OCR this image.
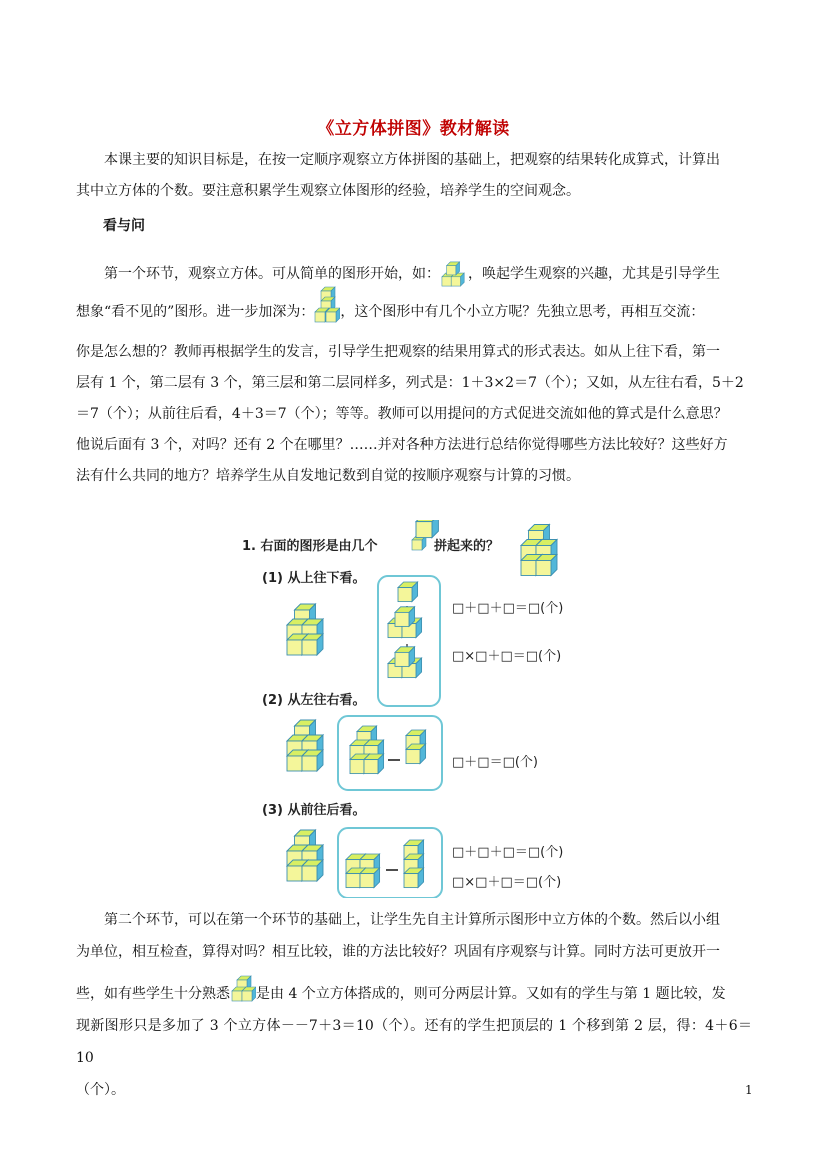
《立方体拼图》教材解读

本课主要的知识目标是，在按一定顺序观察立方体拼图的基础上，把观察的结果转化成算式，计算出
其中立方体的个数。要注意积累学生观察立体图形的经验，培养学生的空间观念。

看与问

第一个环节，观察立方体。可从简单的图形开始，如： ，唤起学生观察的兴趣，尤其是引导学生
想象“看不见的”图形。进一步加深为： ，这个图形中有几个小立方呢？先独立思考，再相互交流：

你是怎么想的？教师再根据学生的发言，引导学生把观察的结果用算式的形式表达。如从上往下看，第一
层有 1 个，第二层有 3 个，第三层和第二层同样多，列式是：1＋3×2＝7（个）；又如，从左往右看，5＋2
＝7（个）；从前往后看，4＋3＝7（个）；等等。教师可以用提问的方式促进交流如他的算式是什么意思？
他说后面有 3 个，对吗？还有 2 个在哪里？……并对各种方法进行总结你觉得哪些方法比较好？这些好方
法有什么共同的地方？培养学生从自发地记数到自觉的按顺序观察与计算的习惯。

1. 右面的图形是由几个	拼起来的？
(1) 从上往下看。
□＋□＋□＝□(个)
□×□＋□＝□(个)
(2) 从左往右看。
□＋□＝□(个)
(3) 从前往后看。
□＋□＋□＝□(个)
□×□＋□＝□(个)

第二个环节，可以在第一个环节的基础上，让学生先自主计算所示图形中立方体的个数。然后以小组
为单位，相互检查，算得对吗？相互比较，谁的方法比较好？巩固有序观察与计算。同时方法可更放开一

些，如有些学生十分熟悉 是由 4 个立方体搭成的，则可分两层计算。又如有的学生与第 1 题比较，发
现新图形只是多加了 3 个立方体－－7＋3＝10（个）。还有的学生把顶层的 1 个移到第 2 层，得：4＋6＝10
（个）。	1
